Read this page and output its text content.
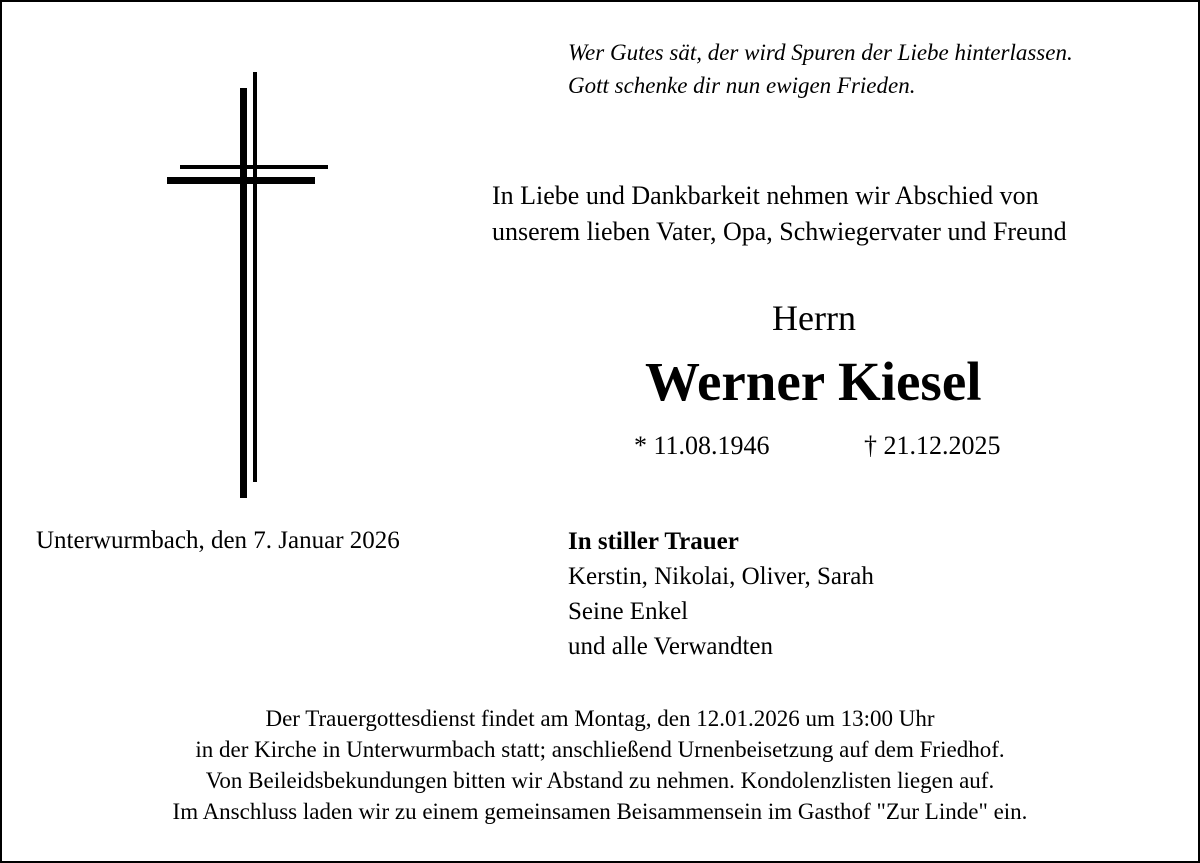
Wer Gutes sät, der wird Spuren der Liebe hinterlassen.
Gott schenke dir nun ewigen Frieden.
In Liebe und Dankbarkeit nehmen wir Abschied von
unserem lieben Vater, Opa, Schwiegervater und Freund
Herrn
Werner Kiesel
* 11.08.1946	† 21.12.2025
Unterwurmbach, den 7. Januar 2026	In stiller Trauer
Kerstin, Nikolai, Oliver, Sarah
Seine Enkel
und alle Verwandten
Der Trauergottesdienst findet am Montag, den 12.01.2026 um 13:00 Uhr
in der Kirche in Unterwurmbach statt; anschließend Urnenbeisetzung auf dem Friedhof.
Von Beileidsbekundungen bitten wir Abstand zu nehmen. Kondolenzlisten liegen auf.
Im Anschluss laden wir zu einem gemeinsamen Beisammensein im Gasthof "Zur Linde" ein.
